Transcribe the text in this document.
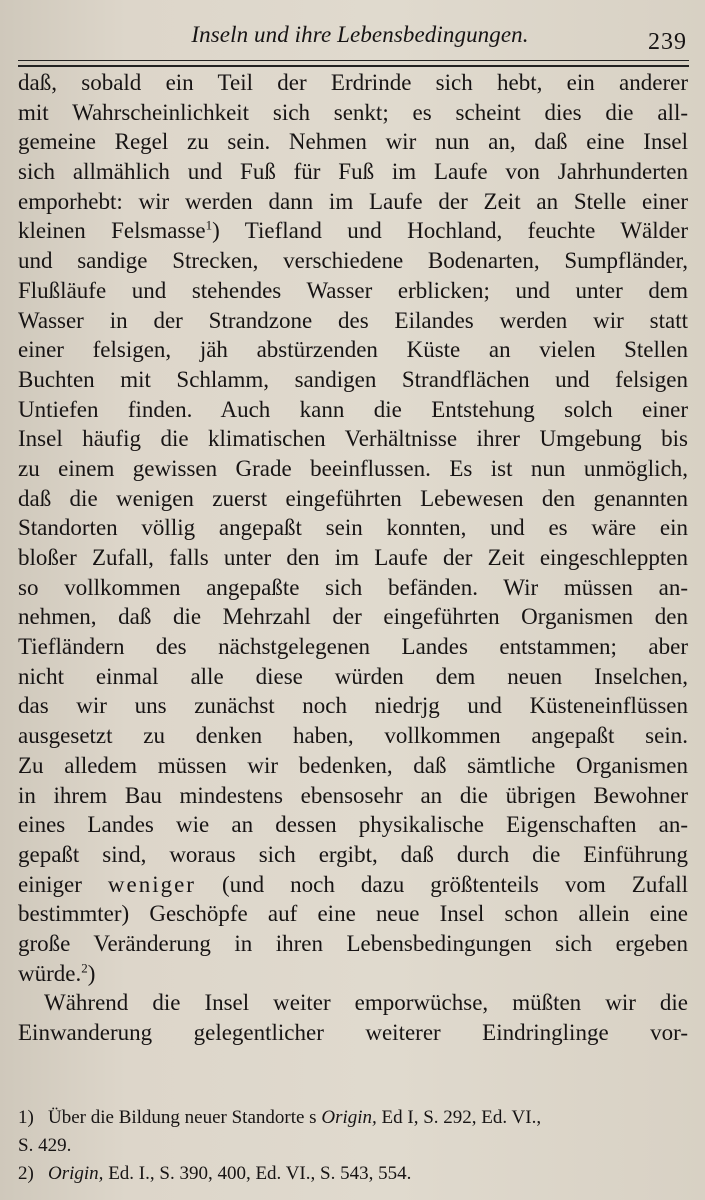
Inseln und ihre Lebensbedingungen.	239
daß, sobald ein Teil der Erdrinde sich hebt, ein anderer
mit Wahrscheinlichkeit sich senkt; es scheint dies die all-
gemeine Regel zu sein. Nehmen wir nun an, daß eine Insel
sich allmählich und Fuß für Fuß im Laufe von Jahrhunderten
emporhebt: wir werden dann im Laufe der Zeit an Stelle einer
kleinen Felsmasse$^1$) Tiefland und Hochland, feuchte Wälder
und sandige Strecken, verschiedene Bodenarten, Sumpfländer,
Flußläufe und stehendes Wasser erblicken; und unter dem
Wasser in der Strandzone des Eilandes werden wir statt
einer felsigen, jäh abstürzenden Küste an vielen Stellen
Buchten mit Schlamm, sandigen Strandflächen und felsigen
Untiefen finden. Auch kann die Entstehung solch einer
Insel häufig die klimatischen Verhältnisse ihrer Umgebung bis
zu einem gewissen Grade beeinflussen. Es ist nun unmöglich,
daß die wenigen zuerst eingeführten Lebewesen den genannten
Standorten völlig angepaßt sein konnten, und es wäre ein
bloßer Zufall, falls unter den im Laufe der Zeit eingeschleppten
so vollkommen angepaßte sich befänden. Wir müssen an-
nehmen, daß die Mehrzahl der eingeführten Organismen den
Tiefländern des nächstgelegenen Landes entstammen; aber
nicht einmal alle diese würden dem neuen Inselchen,
das wir uns zunächst noch niedrjg und Küsteneinflüssen
ausgesetzt zu denken haben, vollkommen angepaßt sein.
Zu alledem müssen wir bedenken, daß sämtliche Organismen
in ihrem Bau mindestens ebensosehr an die übrigen Bewohner
eines Landes wie an dessen physikalische Eigenschaften an-
gepaßt sind, woraus sich ergibt, daß durch die Einführung
einiger weniger (und noch dazu größtenteils vom Zufall
bestimmter) Geschöpfe auf eine neue Insel schon allein eine
große Veränderung in ihren Lebensbedingungen sich ergeben
würde.$^2$)
Während die Insel weiter emporwüchse, müßten wir die
Einwanderung gelegentlicher weiterer Eindringlinge vor-
1) Über die Bildung neuer Standorte s Origin, Ed I, S. 292, Ed. VI.,
S. 429.
2) Origin, Ed. I., S. 390, 400, Ed. VI., S. 543, 554.
